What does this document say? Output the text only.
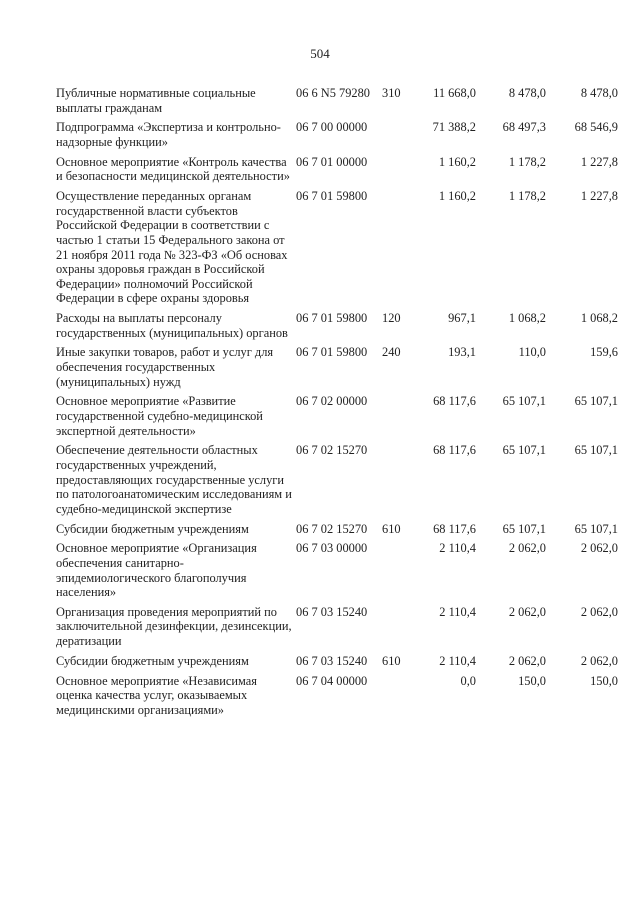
504
Публичные нормативные социальные выплаты гражданам	06 6 N5 79280	310	11 668,0	8 478,0	8 478,0
Подпрограмма «Экспертиза и контрольно-надзорные функции»	06 7 00 00000		71 388,2	68 497,3	68 546,9
Основное мероприятие «Контроль качества и безопасности медицинской деятельности»	06 7 01 00000		1 160,2	1 178,2	1 227,8
Осуществление переданных органам государственной власти субъектов Российской Федерации в соответствии с частью 1 статьи 15 Федерального закона от 21 ноября 2011 года № 323-ФЗ «Об основах охраны здоровья граждан в Российской Федерации» полномочий Российской Федерации в сфере охраны здоровья	06 7 01 59800		1 160,2	1 178,2	1 227,8
Расходы на выплаты персоналу государственных (муниципальных) органов	06 7 01 59800	120	967,1	1 068,2	1 068,2
Иные закупки товаров, работ и услуг для обеспечения государственных (муниципальных) нужд	06 7 01 59800	240	193,1	110,0	159,6
Основное мероприятие «Развитие государственной судебно-медицинской экспертной деятельности»	06 7 02 00000		68 117,6	65 107,1	65 107,1
Обеспечение деятельности областных государственных учреждений, предоставляющих государственные услуги по патологоанатомическим исследованиям и судебно-медицинской экспертизе	06 7 02 15270		68 117,6	65 107,1	65 107,1
Субсидии бюджетным учреждениям	06 7 02 15270	610	68 117,6	65 107,1	65 107,1
Основное мероприятие «Организация обеспечения санитарно-эпидемиологического благополучия населения»	06 7 03 00000		2 110,4	2 062,0	2 062,0
Организация проведения мероприятий по заключительной дезинфекции, дезинсекции, дератизации	06 7 03 15240		2 110,4	2 062,0	2 062,0
Субсидии бюджетным учреждениям	06 7 03 15240	610	2 110,4	2 062,0	2 062,0
Основное мероприятие «Независимая оценка качества услуг, оказываемых медицинскими организациями»	06 7 04 00000		0,0	150,0	150,0
